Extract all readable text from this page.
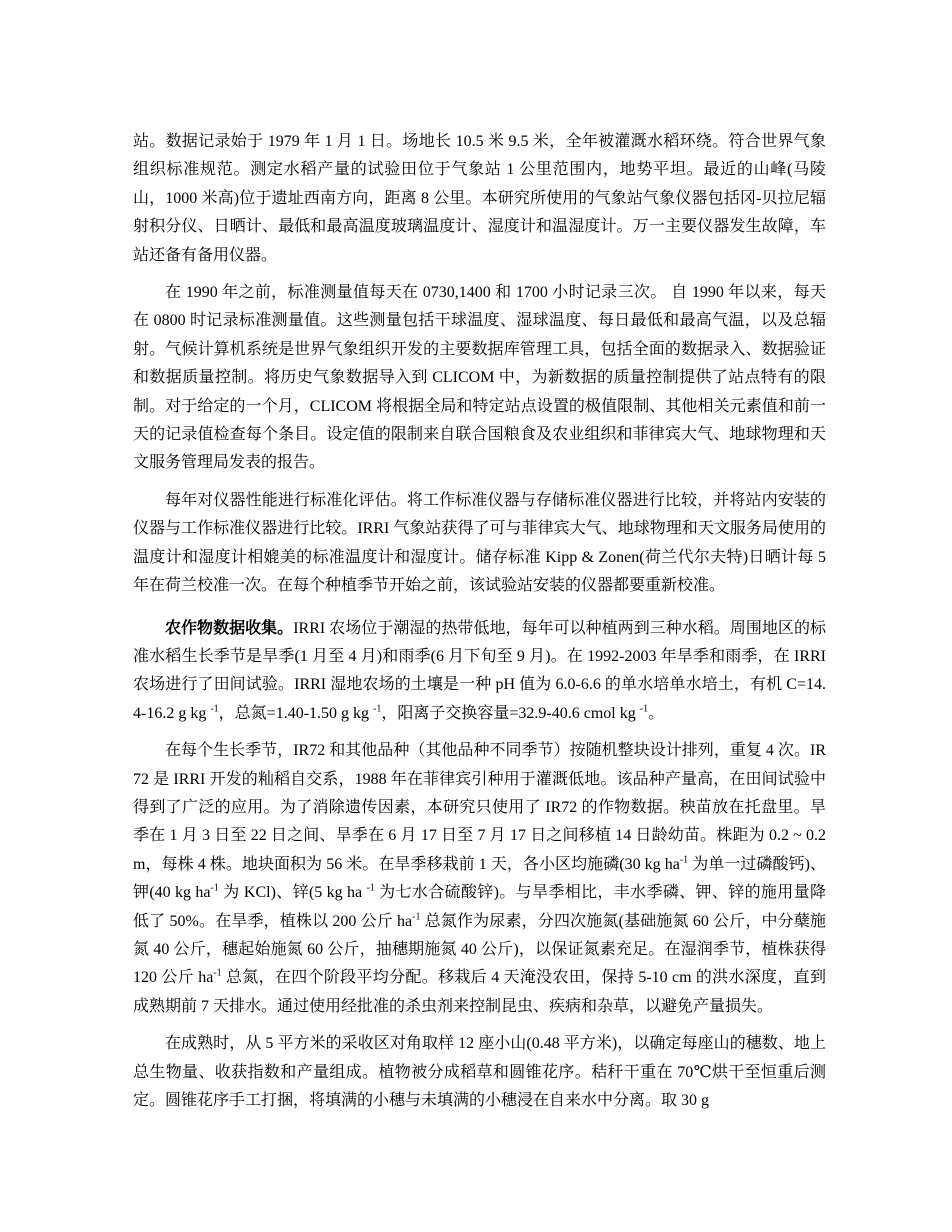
站。数据记录始于 1979 年 1 月 1 日。场地长 10.5 米 9.5 米，全年被灌溉水稻环绕。符合世界气象组织标准规范。测定水稻产量的试验田位于气象站 1 公里范围内，地势平坦。最近的山峰(马陵山，1000 米高)位于遗址西南方向，距离 8 公里。本研究所使用的气象站气象仪器包括冈-贝拉尼辐射积分仪、日晒计、最低和最高温度玻璃温度计、湿度计和温湿度计。万一主要仪器发生故障，车站还备有备用仪器。

在 1990 年之前，标准测量值每天在 0730,1400 和 1700 小时记录三次。 自 1990 年以来，每天在 0800 时记录标准测量值。这些测量包括干球温度、湿球温度、每日最低和最高气温，以及总辐射。气候计算机系统是世界气象组织开发的主要数据库管理工具，包括全面的数据录入、数据验证和数据质量控制。将历史气象数据导入到 CLICOM 中，为新数据的质量控制提供了站点特有的限制。对于给定的一个月，CLICOM 将根据全局和特定站点设置的极值限制、其他相关元素值和前一天的记录值检查每个条目。设定值的限制来自联合国粮食及农业组织和菲律宾大气、地球物理和天文服务管理局发表的报告。

每年对仪器性能进行标准化评估。将工作标准仪器与存储标准仪器进行比较，并将站内安装的仪器与工作标准仪器进行比较。IRRI 气象站获得了可与菲律宾大气、地球物理和天文服务局使用的温度计和湿度计相媲美的标准温度计和湿度计。储存标准 Kipp & Zonen(荷兰代尔夫特)日晒计每 5 年在荷兰校准一次。在每个种植季节开始之前，该试验站安装的仪器都要重新校准。

农作物数据收集。IRRI 农场位于潮湿的热带低地，每年可以种植两到三种水稻。周围地区的标准水稻生长季节是旱季(1 月至 4 月)和雨季(6 月下旬至 9 月)。在 1992-2003 年旱季和雨季，在 IRRI 农场进行了田间试验。IRRI 湿地农场的土壤是一种 pH 值为 6.0-6.6 的单水培单水培土，有机 C=14.4-16.2 g kg $^{-1}$，总氮=1.40-1.50 g kg $^{-1}$，阳离子交换容量=32.9-40.6 cmol kg $^{-1}$。

在每个生长季节，IR72 和其他品种（其他品种不同季节）按随机整块设计排列，重复 4 次。IR72 是 IRRI 开发的籼稻自交系，1988 年在菲律宾引种用于灌溉低地。该品种产量高，在田间试验中得到了广泛的应用。为了消除遗传因素，本研究只使用了 IR72 的作物数据。秧苗放在托盘里。旱季在 1 月 3 日至 22 日之间、旱季在 6 月 17 日至 7 月 17 日之间移植 14 日龄幼苗。株距为 0.2 ~ 0.2 m，每株 4 株。地块面积为 56 米。在旱季移栽前 1 天，各小区均施磷(30 kg $ha^{-1}$ 为单一过磷酸钙)、钾(40 kg $ha^{-1}$ 为 KCl)、锌(5 kg ha $^{-1}$ 为七水合硫酸锌)。与旱季相比，丰水季磷、钾、锌的施用量降低了 50%。在旱季，植株以 200 公斤 $ha^{-1}$ 总氮作为尿素，分四次施氮(基础施氮 60 公斤，中分蘖施氮 40 公斤，穗起始施氮 60 公斤，抽穗期施氮 40 公斤)，以保证氮素充足。在湿润季节，植株获得 120 公斤 $ha^{-1}$ 总氮，在四个阶段平均分配。移栽后 4 天淹没农田，保持 5-10 cm 的洪水深度，直到成熟期前 7 天排水。通过使用经批准的杀虫剂来控制昆虫、疾病和杂草，以避免产量损失。

在成熟时，从 5 平方米的采收区对角取样 12 座小山(0.48 平方米)，以确定每座山的穗数、地上总生物量、收获指数和产量组成。植物被分成稻草和圆锥花序。秸秆干重在 70℃烘干至恒重后测定。圆锥花序手工打捆，将填满的小穗与未填满的小穗浸在自来水中分离。取 30 g
